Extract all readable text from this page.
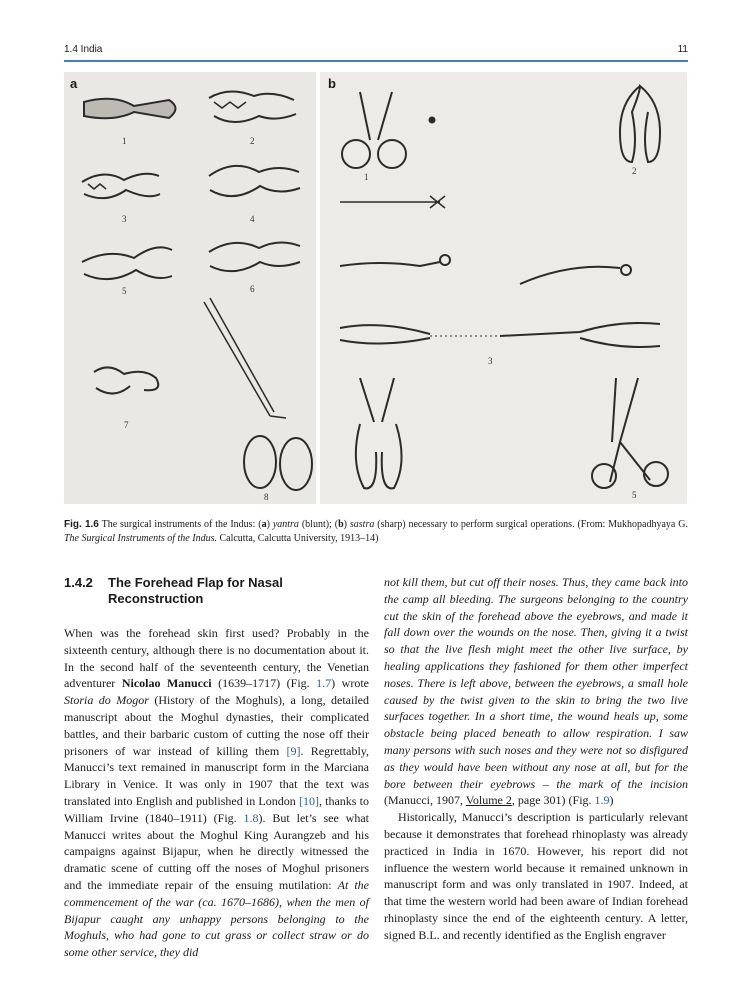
1.4 India	11
a
1	2
3	4
5	6
7
8
b
1
2
3
5
Fig. 1.6 The surgical instruments of the Indus: (a) yantra (blunt); (b) sastra (sharp) necessary to perform surgical operations. (From: Mukhopadhyaya G. The Surgical Instruments of the Indus. Calcutta, Calcutta University, 1913–14)
1.4.2 The Forehead Flap for Nasal Reconstruction

When was the forehead skin first used? Probably in the sixteenth century, although there is no documentation about it. In the second half of the seventeenth century, the Venetian adventurer Nicolao Manucci (1639–1717) (Fig. 1.7) wrote Storia do Mogor (History of the Moghuls), a long, detailed manuscript about the Moghul dynasties, their complicated battles, and their barbaric custom of cutting the nose off their prisoners of war instead of killing them [9]. Regrettably, Manucci’s text remained in manuscript form in the Marciana Library in Venice. It was only in 1907 that the text was translated into English and published in London [10], thanks to William Irvine (1840–1911) (Fig. 1.8). But let’s see what Manucci writes about the Moghul King Aurangzeb and his campaigns against Bijapur, when he directly witnessed the dramatic scene of cutting off the noses of Moghul prisoners and the immediate repair of the ensuing mutilation: At the commencement of the war (ca. 1670–1686), when the men of Bijapur caught any unhappy persons belonging to the Moghuls, who had gone to cut grass or collect straw or do some other service, they did

not kill them, but cut off their noses. Thus, they came back into the camp all bleeding. The surgeons belonging to the country cut the skin of the forehead above the eyebrows, and made it fall down over the wounds on the nose. Then, giving it a twist so that the live flesh might meet the other live surface, by healing applications they fashioned for them other imperfect noses. There is left above, between the eyebrows, a small hole caused by the twist given to the skin to bring the two live surfaces together. In a short time, the wound heals up, some obstacle being placed beneath to allow respiration. I saw many persons with such noses and they were not so disfigured as they would have been without any nose at all, but for the bore between their eyebrows – the mark of the incision (Manucci, 1907, Volume 2, page 301) (Fig. 1.9)

Historically, Manucci’s description is particularly relevant because it demonstrates that forehead rhinoplasty was already practiced in India in 1670. However, his report did not influence the western world because it remained unknown in manuscript form and was only translated in 1907. Indeed, at that time the western world had been aware of Indian forehead rhinoplasty since the end of the eighteenth century. A letter, signed B.L. and recently identified as the English engraver
